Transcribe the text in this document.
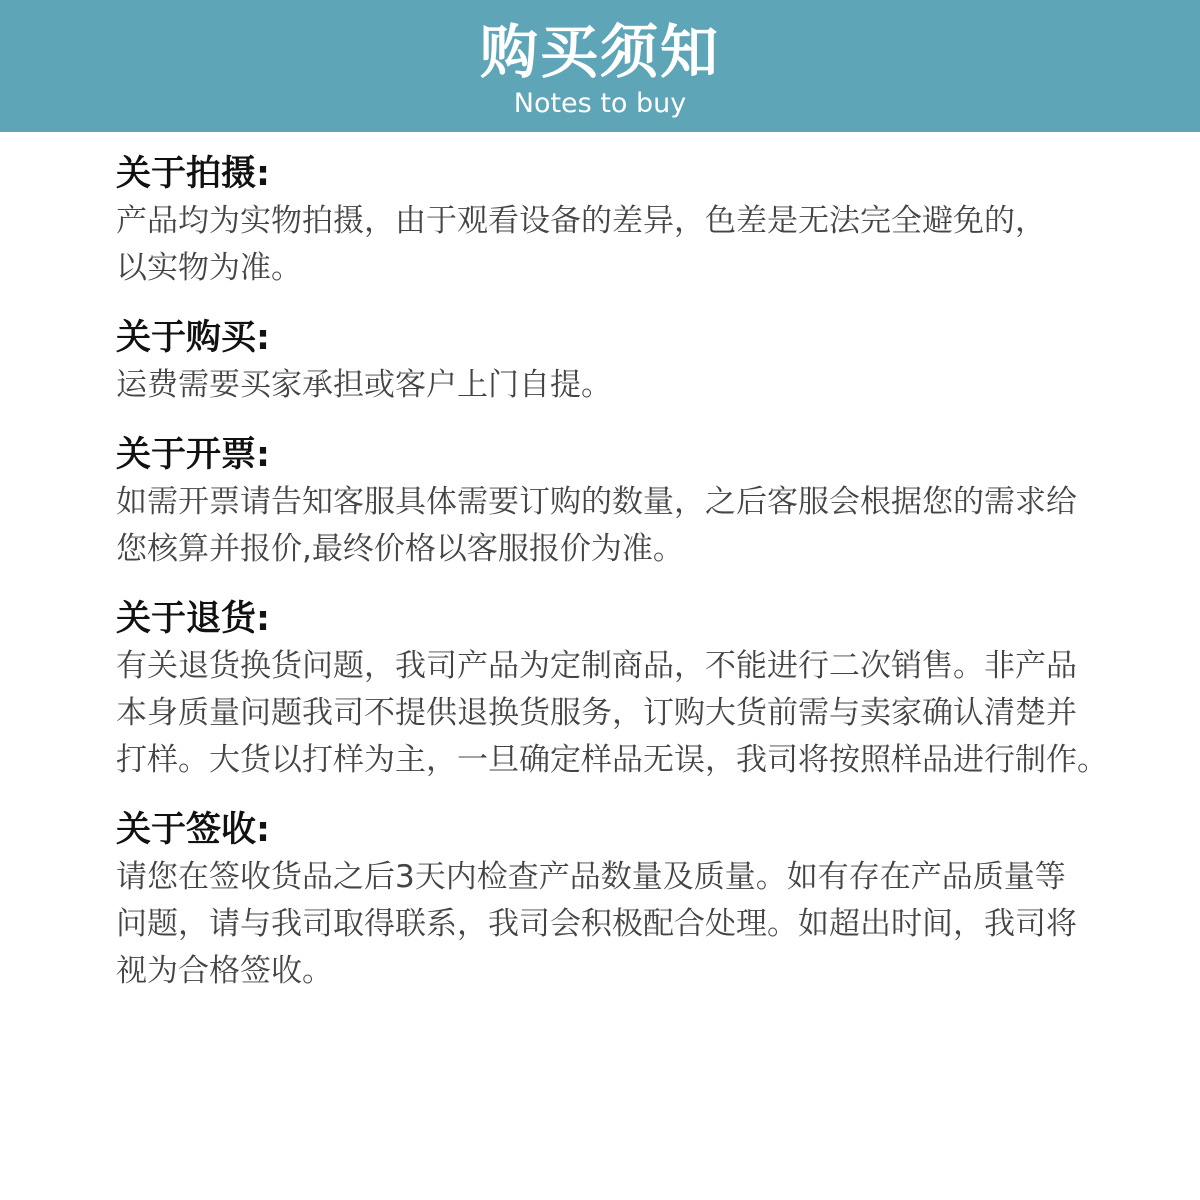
购买须知
Notes to buy
关于拍摄:
产品均为实物拍摄，由于观看设备的差异，色差是无法完全避免的，
以实物为准。
关于购买:
运费需要买家承担或客户上门自提。
关于开票:
如需开票请告知客服具体需要订购的数量，之后客服会根据您的需求给
您核算并报价,最终价格以客服报价为准。
关于退货:
有关退货换货问题，我司产品为定制商品，不能进行二次销售。非产品
本身质量问题我司不提供退换货服务，订购大货前需与卖家确认清楚并
打样。大货以打样为主，一旦确定样品无误，我司将按照样品进行制作。
关于签收:
请您在签收货品之后3天内检查产品数量及质量。如有存在产品质量等
问题，请与我司取得联系，我司会积极配合处理。如超出时间，我司将
视为合格签收。
